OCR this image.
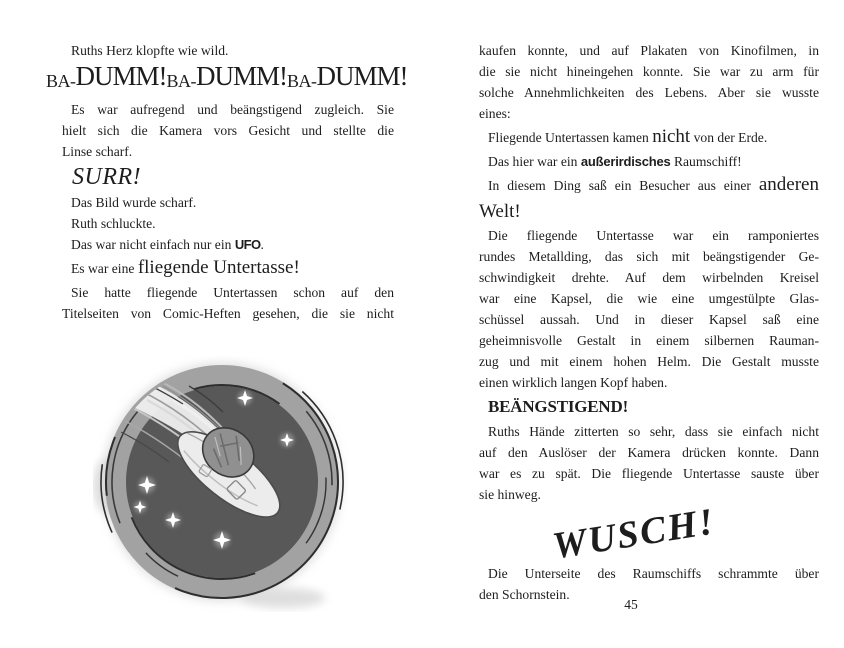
Ruths Herz klopfte wie wild.
BA-DUMM! BA-DUMM! BA-DUMM!
Es war aufregend und beängstigend zugleich. Sie
hielt sich die Kamera vors Gesicht und stellte die
Linse scharf.
SURR!
Das Bild wurde scharf.
Ruth schluckte.
Das war nicht einfach nur ein UFO.
Es war eine fliegende Untertasse!
Sie hatte fliegende Untertassen schon auf den
Titelseiten von Comic-Heften gesehen, die sie nicht
kaufen konnte, und auf Plakaten von Kinofilmen, in
die sie nicht hineingehen konnte. Sie war zu arm für
solche Annehmlichkeiten des Lebens. Aber sie wusste
eines:
Fliegende Untertassen kamen nicht von der Erde.
Das hier war ein außerirdisches Raumschiff!
In diesem Ding saß ein Besucher aus einer anderen
Welt!
Die fliegende Untertasse war ein ramponiertes
rundes Metallding, das sich mit beängstigender Ge-
schwindigkeit drehte. Auf dem wirbelnden Kreisel
war eine Kapsel, die wie eine umgestülpte Glas-
schüssel aussah. Und in dieser Kapsel saß eine
geheimnisvolle Gestalt in einem silbernen Rauman-
zug und mit einem hohen Helm. Die Gestalt musste
einen wirklich langen Kopf haben.
BEÄNGSTIGEND!
Ruths Hände zitterten so sehr, dass sie einfach nicht
auf den Auslöser der Kamera drücken konnte. Dann
war es zu spät. Die fliegende Untertasse sauste über
sie hinweg.
WUSCH!
Die Unterseite des Raumschiffs schrammte über
den Schornstein.
45
